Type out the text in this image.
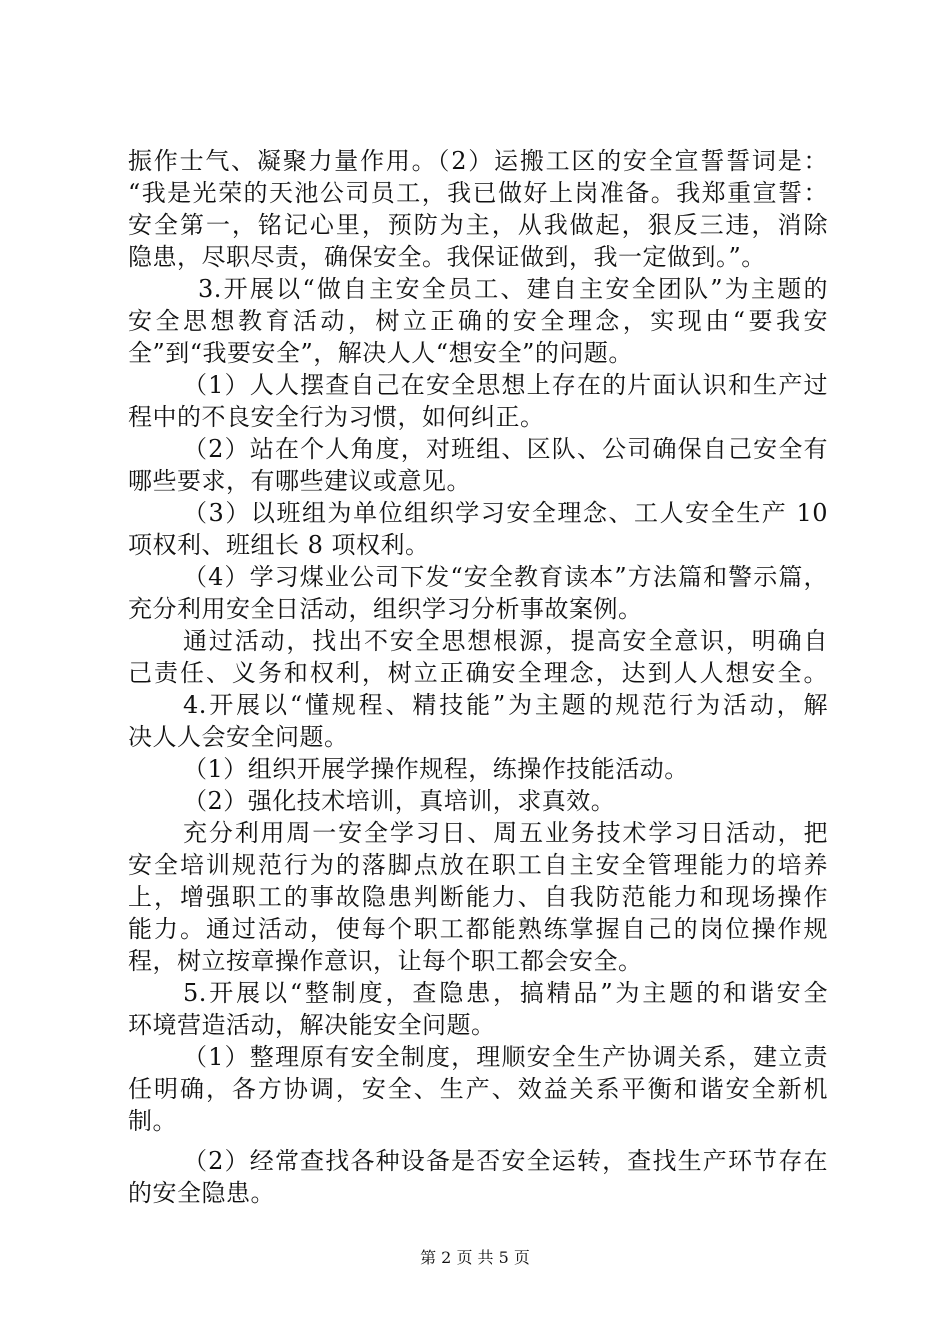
振作士气、凝聚力量作用。（2）运搬工区的安全宣誓誓词是：
“我是光荣的天池公司员工，我已做好上岗准备。我郑重宣誓：
安全第一，铭记心里，预防为主，从我做起，狠反三违，消除
隐患，尽职尽责，确保安全。我保证做到，我一定做到。”。
3.开展以“做自主安全员工、建自主安全团队”为主题的
安全思想教育活动，树立正确的安全理念，实现由“要我安
全”到“我要安全”，解决人人“想安全”的问题。
（1）人人摆查自己在安全思想上存在的片面认识和生产过
程中的不良安全行为习惯，如何纠正。
（2）站在个人角度，对班组、区队、公司确保自己安全有
哪些要求，有哪些建议或意见。
（3）以班组为单位组织学习安全理念、工人安全生产 10
项权利、班组长 8 项权利。
（4）学习煤业公司下发“安全教育读本”方法篇和警示篇，
充分利用安全日活动，组织学习分析事故案例。
通过活动，找出不安全思想根源，提高安全意识，明确自
己责任、义务和权利，树立正确安全理念，达到人人想安全。
4.开展以“懂规程、精技能”为主题的规范行为活动，解
决人人会安全问题。
（1）组织开展学操作规程，练操作技能活动。
（2）强化技术培训，真培训，求真效。
充分利用周一安全学习日、周五业务技术学习日活动，把
安全培训规范行为的落脚点放在职工自主安全管理能力的培养
上，增强职工的事故隐患判断能力、自我防范能力和现场操作
能力。通过活动，使每个职工都能熟练掌握自己的岗位操作规
程，树立按章操作意识，让每个职工都会安全。
5.开展以“整制度，查隐患，搞精品”为主题的和谐安全
环境营造活动，解决能安全问题。
（1）整理原有安全制度，理顺安全生产协调关系，建立责
任明确，各方协调，安全、生产、效益关系平衡和谐安全新机
制。
（2）经常查找各种设备是否安全运转，查找生产环节存在
的安全隐患。
第 2 页 共 5 页
